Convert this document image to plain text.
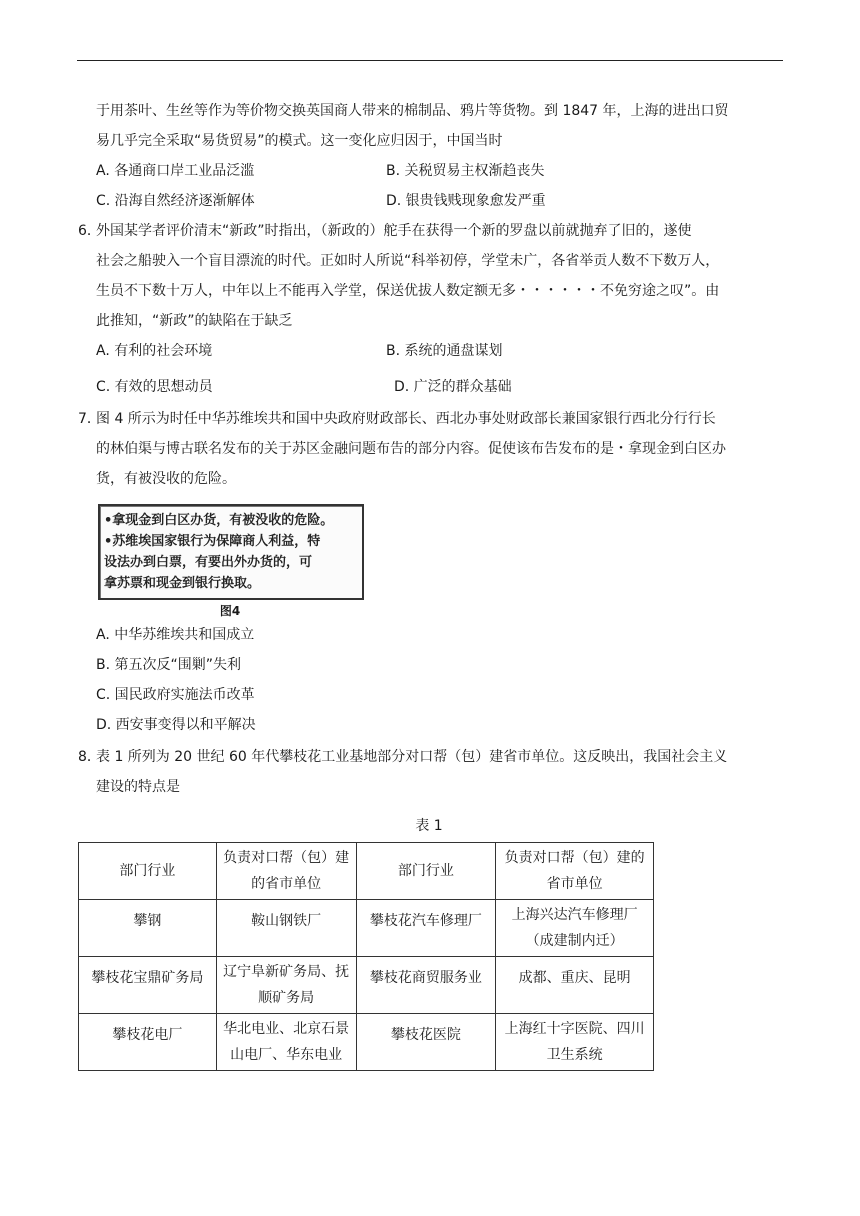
于用茶叶、生丝等作为等价物交换英国商人带来的棉制品、鸦片等货物。到 1847 年，上海的进出口贸

易几乎完全采取“易货贸易”的模式。这一变化应归因于，中国当时

A. 各通商口岸工业品泛滥	B. 关税贸易主权渐趋丧失
C. 沿海自然经济逐渐解体	D. 银贵钱贱现象愈发严重

6．外国某学者评价清末“新政”时指出，（新政的）舵手在获得一个新的罗盘以前就抛弃了旧的，遂使

社会之船驶入一个盲目漂流的时代。正如时人所说“科举初停，学堂未广，各省举贡人数不下数万人，

生员不下数十万人，中年以上不能再入学堂，保送优拔人数定额无多・・・・・・不免穷途之叹”。由

此推知，“新政”的缺陷在于缺乏

A. 有利的社会环境	B. 系统的通盘谋划
C. 有效的思想动员	D. 广泛的群众基础

7．图 4 所示为时任中华苏维埃共和国中央政府财政部长、西北办事处财政部长兼国家银行西北分行行长

的林伯渠与博古联名发布的关于苏区金融问题布告的部分内容。促使该布告发布的是・拿现金到白区办

货，有被没收的危险。

•拿现金到白区办货，有被没收的危险。
•苏维埃国家银行为保障商人利益，特
设法办到白票，有要出外办货的，可
拿苏票和现金到银行换取。
图4
A. 中华苏维埃共和国成立
B. 第五次反“围剿”失利
C. 国民政府实施法币改革
D. 西安事变得以和平解决

8．表 1 所列为 20 世纪 60 年代攀枝花工业基地部分对口帮（包）建省市单位。这反映出，我国社会主义

建设的特点是

表 1
部门行业	负责对口帮（包）建的省市单位	部门行业	负责对口帮（包）建的省市单位
攀钢	鞍山钢铁厂	攀枝花汽车修理厂	上海兴达汽车修理厂（成建制内迁）
攀枝花宝鼎矿务局	辽宁阜新矿务局、抚顺矿务局	攀枝花商贸服务业	成都、重庆、昆明
攀枝花电厂	华北电业、北京石景山电厂、华东电业	攀枝花医院	上海红十字医院、四川卫生系统
